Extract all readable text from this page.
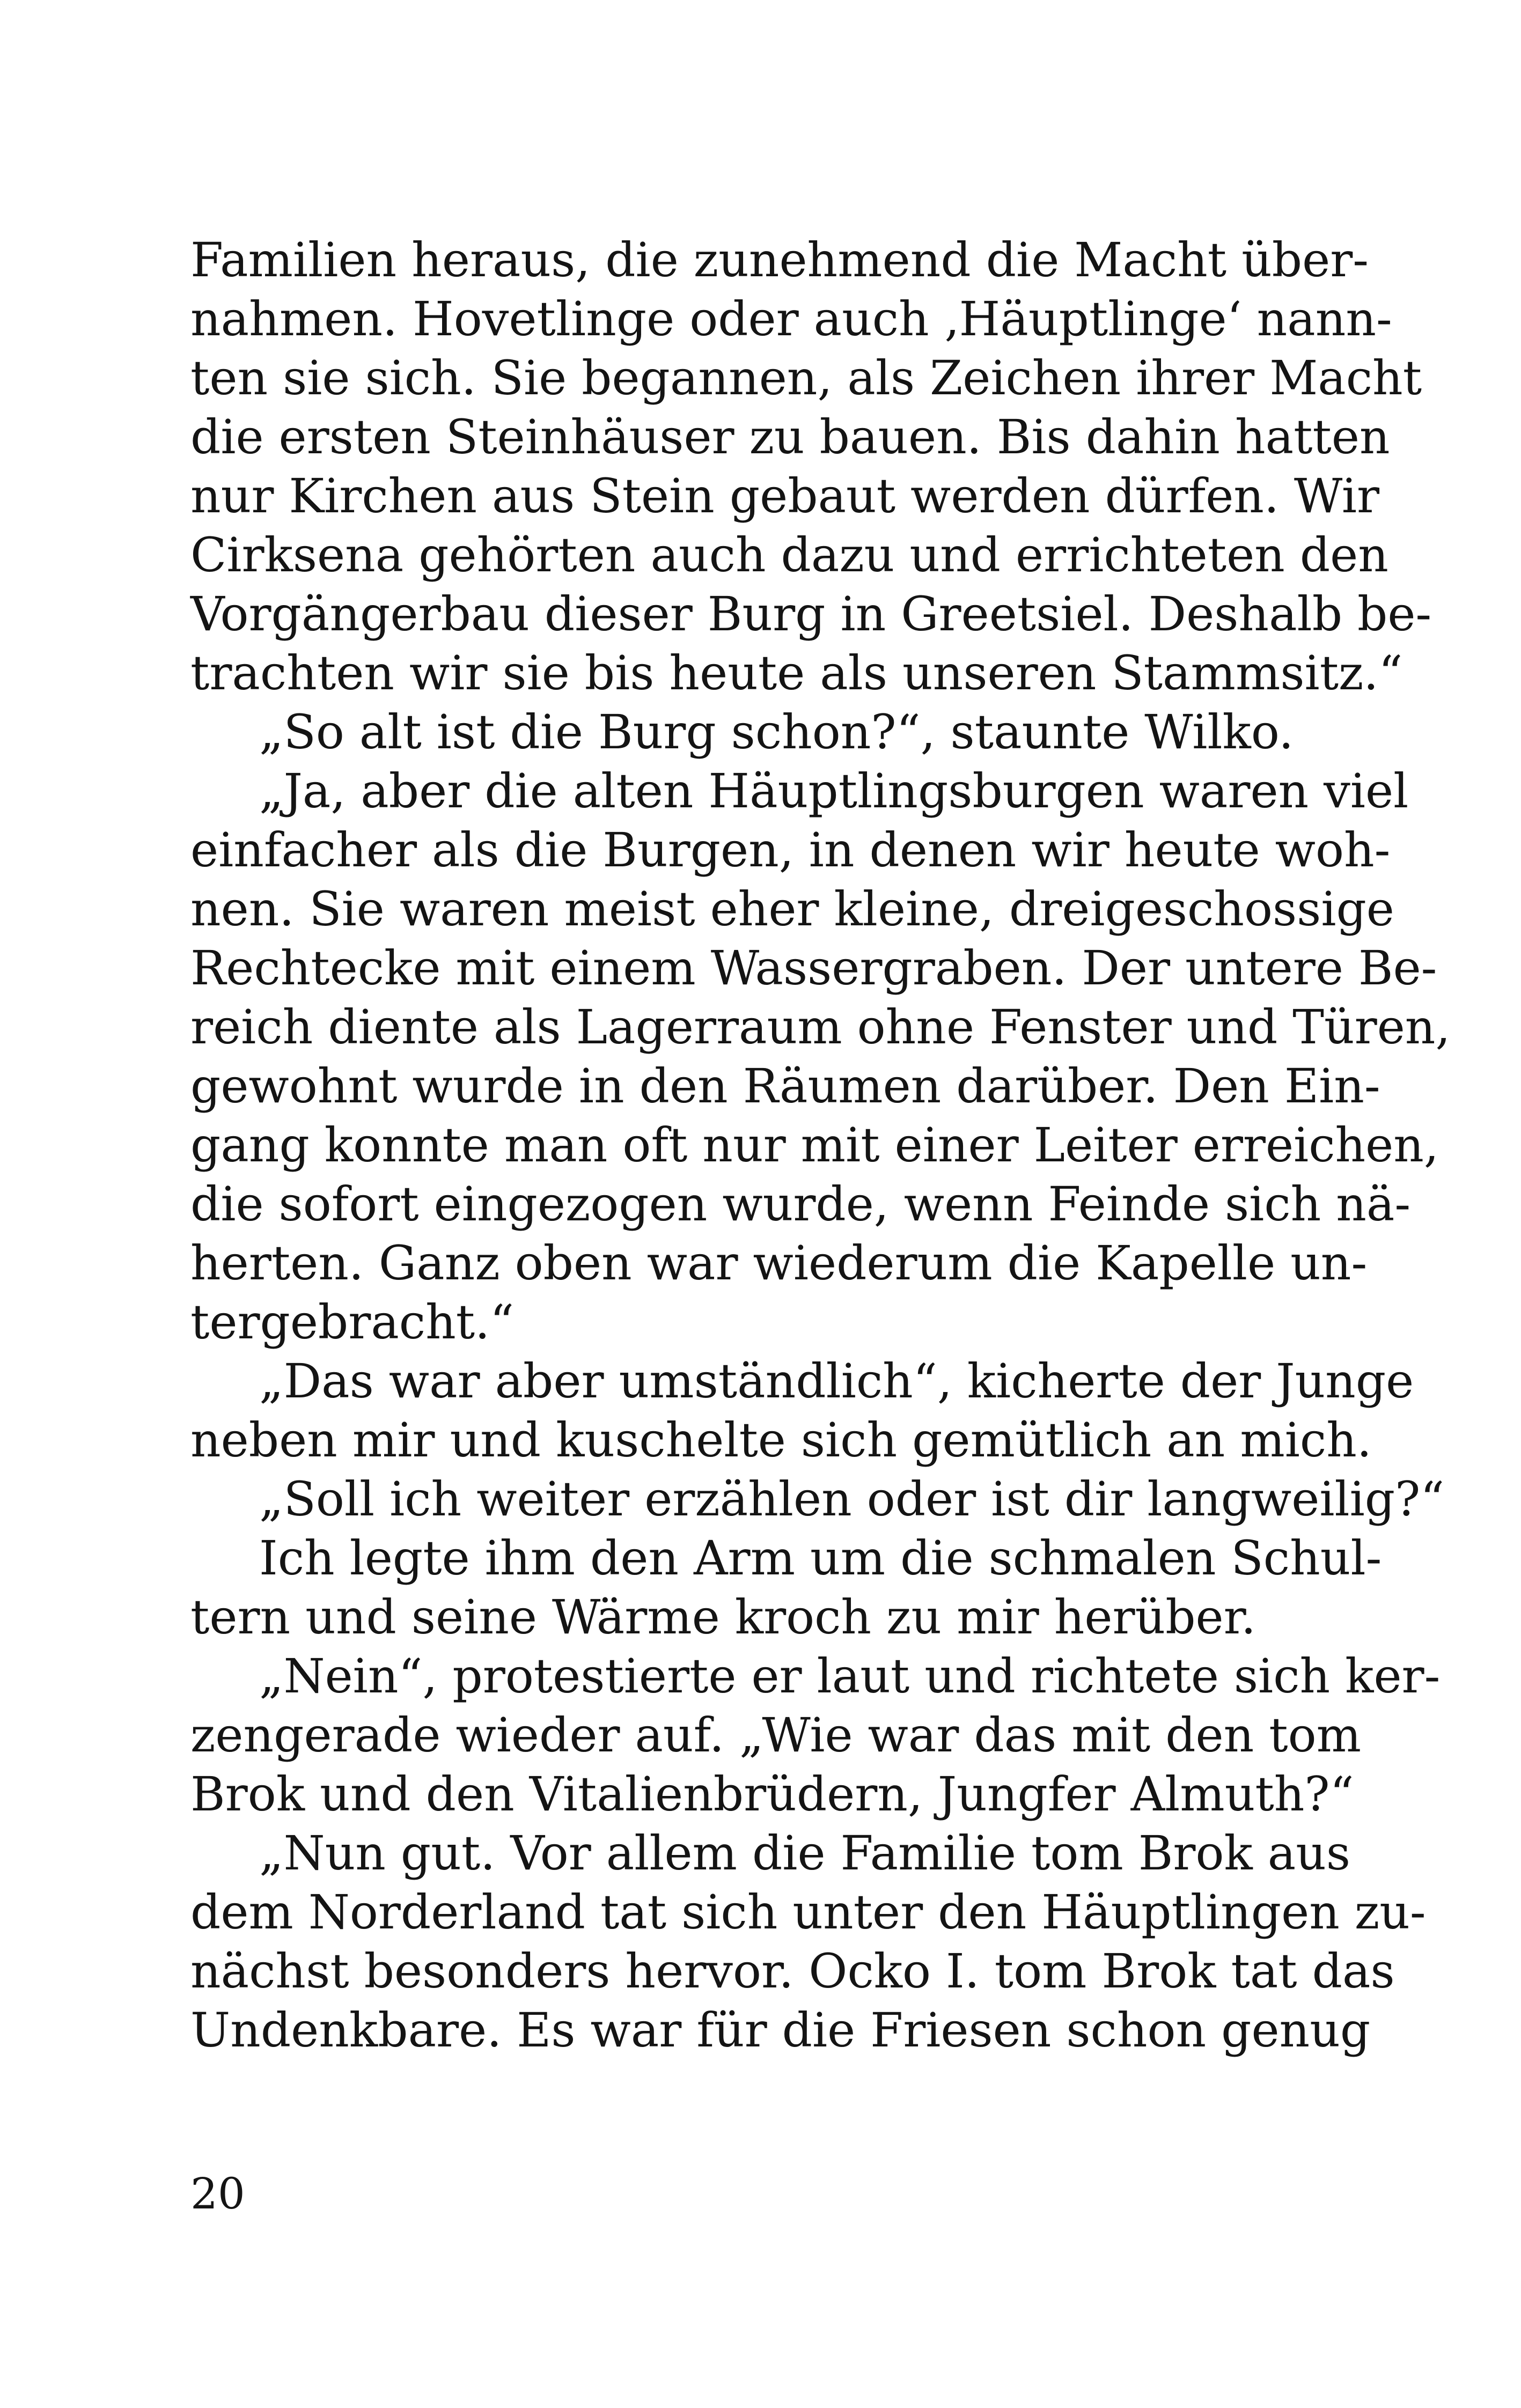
Familien heraus, die zunehmend die Macht über-
nahmen. Hovetlinge oder auch ‚Häuptlinge‘ nann-
ten sie sich. Sie begannen, als Zeichen ihrer Macht
die ersten Steinhäuser zu bauen. Bis dahin hatten
nur Kirchen aus Stein gebaut werden dürfen. Wir
Cirksena gehörten auch dazu und errichteten den
Vorgängerbau dieser Burg in Greetsiel. Deshalb be-
trachten wir sie bis heute als unseren Stammsitz.“
„So alt ist die Burg schon?“, staunte Wilko.
„Ja, aber die alten Häuptlingsburgen waren viel
einfacher als die Burgen, in denen wir heute woh-
nen. Sie waren meist eher kleine, dreigeschossige
Rechtecke mit einem Wassergraben. Der untere Be-
reich diente als Lagerraum ohne Fenster und Türen,
gewohnt wurde in den Räumen darüber. Den Ein-
gang konnte man oft nur mit einer Leiter erreichen,
die sofort eingezogen wurde, wenn Feinde sich nä-
herten. Ganz oben war wiederum die Kapelle un-
tergebracht.“
„Das war aber umständlich“, kicherte der Junge
neben mir und kuschelte sich gemütlich an mich.
„Soll ich weiter erzählen oder ist dir langweilig?“
Ich legte ihm den Arm um die schmalen Schul-
tern und seine Wärme kroch zu mir herüber.
„Nein“, protestierte er laut und richtete sich ker-
zengerade wieder auf. „Wie war das mit den tom
Brok und den Vitalienbrüdern, Jungfer Almuth?“
„Nun gut. Vor allem die Familie tom Brok aus
dem Norderland tat sich unter den Häuptlingen zu-
nächst besonders hervor. Ocko I. tom Brok tat das
Undenkbare. Es war für die Friesen schon genug
20
